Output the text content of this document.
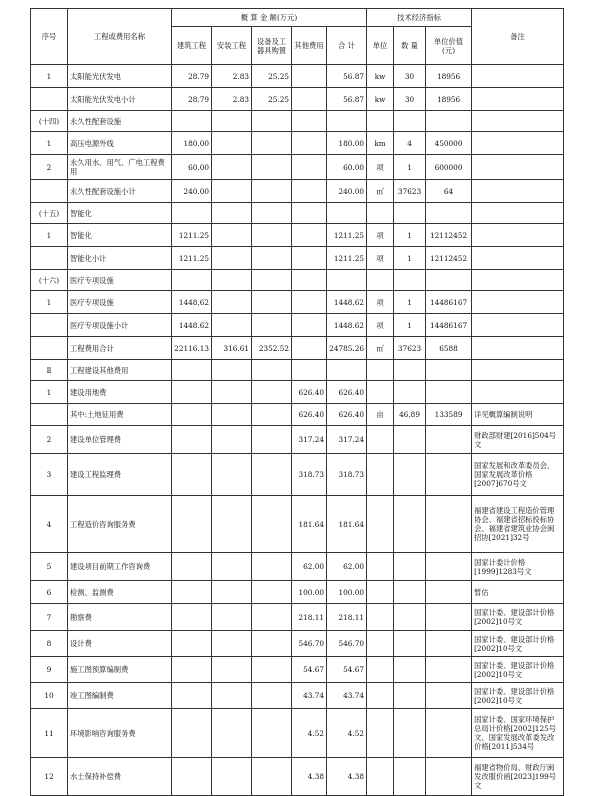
序号	工程或费用名称	概 算 金 额(万元)					技术经济指标			备注
		建筑工程	安装工程	设备及工器具购置	其他费用	合 计	单位	数 量	单位价值(元)	
1	太阳能光伏发电	28.79	2.83	25.25		56.87	kw	30	18956	
	太阳能光伏发电小计	28.79	2.83	25.25		56.87	kw	30	18956	
(十四)	永久性配套设施									
1	高压电源外线	180.00				180.00	km	4	450000	
2	永久用水、用气、广电工程费用	60.00				60.00	项	1	600000	
	永久性配套设施小计	240.00				240.00	㎡	37623	64	
(十五)	智能化									
1	智能化	1211.25				1211.25	项	1	12112452	
	智能化小计	1211.25				1211.25	项	1	12112452	
(十六)	医疗专项设施									
1	医疗专项设施	1448.62				1448.62	项	1	14486167	
	医疗专项设施小计	1448.62				1448.62	项	1	14486167	
	工程费用合计	22116.13	316.61	2352.52		24785.26	㎡	37623	6588	
Ⅱ	工程建设其他费用									
1	建设用地费				626.40	626.40				
	其中:土地征用费				626.40	626.40	亩	46.89	133589	详见概算编制说明
2	建设单位管理费				317.24	317.24				财政部财建[2016]504号文
3	建设工程监理费				318.73	318.73				国家发展和改革委员会、国家发展改革价格[2007]670号文
4	工程造价咨询服务费				181.64	181.64				福建省建设工程造价管理协会、福建省招标投标协会、福建省建筑业协会闽招协[2021]32号
5	建设项目前期工作咨询费				62.00	62.00				国家计委计价格[1999]1283号文
6	检测、监测费				100.00	100.00				暂估
7	勘察费				218.11	218.11				国家计委、建设部计价格[2002]10号文
8	设计费				546.70	546.70				国家计委、建设部计价格[2002]10号文
9	施工图预算编制费				54.67	54.67				国家计委、建设部计价格[2002]10号文
10	竣工图编制费				43.74	43.74				国家计委、建设部计价格[2002]10号文
11	环境影响咨询服务费				4.52	4.52				国家计委、国家环境保护总局计价格[2002]125号文、国家发展改革委发改价格[2011]534号
12	水土保持补偿费				4.38	4.38				福建省物价局、财政厅闽发改服价函[2023]199号文
